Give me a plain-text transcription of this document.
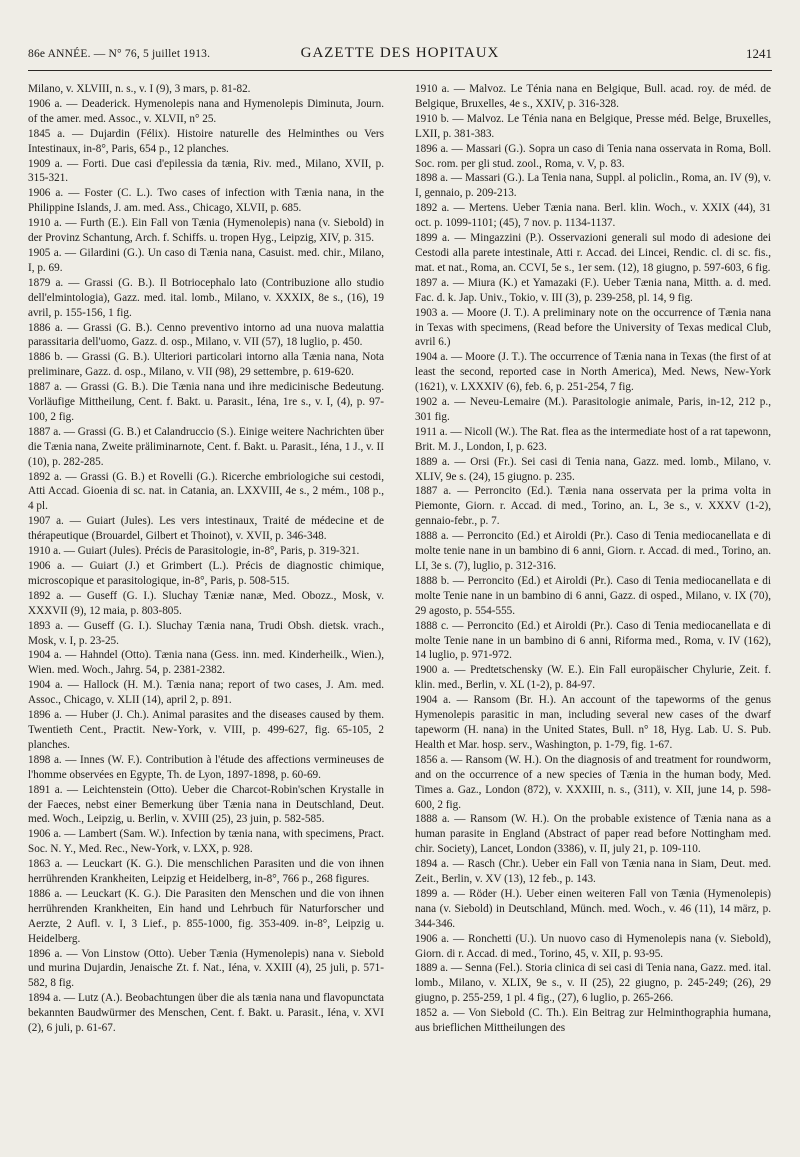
86e ANNÉE. — N° 76, 5 juillet 1913.	GAZETTE DES HOPITAUX	1241

Milano, v. XLVIII, n. s., v. I (9), 3 mars, p. 81-82.

1906 a. — Deaderick. Hymenolepis nana and Hymenolepis Diminuta, Journ. of the amer. med. Assoc., v. XLVII, n° 25.

1845 a. — Dujardin (Félix). Histoire naturelle des Helminthes ou Vers Intestinaux, in-8°, Paris, 654 p., 12 planches.

1909 a. — Forti. Due casi d'epilessia da tænia, Riv. med., Milano, XVII, p. 315-321.

1906 a. — Foster (C. L.). Two cases of infection with Tænia nana, in the Philippine Islands, J. am. med. Ass., Chicago, XLVII, p. 685.

1910 a. — Furth (E.). Ein Fall von Tænia (Hymenolepis) nana (v. Siebold) in der Provinz Schantung, Arch. f. Schiffs. u. tropen Hyg., Leipzig, XIV, p. 315.

1905 a. — Gilardini (G.). Un caso di Tænia nana, Casuist. med. chir., Milano, I, p. 69.

1879 a. — Grassi (G. B.). Il Botriocephalo lato (Contribuzione allo studio dell'elmintologia), Gazz. med. ital. lomb., Milano, v. XXXIX, 8e s., (16), 19 avril, p. 155-156, 1 fig.

1886 a. — Grassi (G. B.). Cenno preventivo intorno ad una nuova malattia parassitaria dell'uomo, Gazz. d. osp., Milano, v. VII (57), 18 luglio, p. 450.

1886 b. — Grassi (G. B.). Ulteriori particolari intorno alla Tænia nana, Nota preliminare, Gazz. d. osp., Milano, v. VII (98), 29 settembre, p. 619-620.

1887 a. — Grassi (G. B.). Die Tænia nana und ihre medicinische Bedeutung. Vorläufige Mittheilung, Cent. f. Bakt. u. Parasit., Iéna, 1re s., v. I, (4), p. 97-100, 2 fig.

1887 a. — Grassi (G. B.) et Calandruccio (S.). Einige weitere Nachrichten über die Tænia nana, Zweite präliminarnote, Cent. f. Bakt. u. Parasit., Iéna, 1 J., v. II (10), p. 282-285.

1892 a. — Grassi (G. B.) et Rovelli (G.). Ricerche embriologiche sui cestodi, Atti Accad. Gioenia di sc. nat. in Catania, an. LXXVIII, 4e s., 2 mém., 108 p., 4 pl.

1907 a. — Guiart (Jules). Les vers intestinaux, Traité de médecine et de thérapeutique (Brouardel, Gilbert et Thoinot), v. XVII, p. 346-348.

1910 a. — Guiart (Jules). Précis de Parasitologie, in-8°, Paris, p. 319-321.

1906 a. — Guiart (J.) et Grimbert (L.). Précis de diagnostic chimique, microscopique et parasitologique, in-8°, Paris, p. 508-515.

1892 a. — Guseff (G. I.). Sluchay Tæniæ nanæ, Med. Obozz., Mosk, v. XXXVII (9), 12 maia, p. 803-805.

1893 a. — Guseff (G. I.). Sluchay Tænia nana, Trudi Obsh. dietsk. vrach., Mosk, v. I, p. 23-25.

1904 a. — Hahndel (Otto). Tænia nana (Gess. inn. med. Kinderheilk., Wien.), Wien. med. Woch., Jahrg. 54, p. 2381-2382.

1904 a. — Hallock (H. M.). Tænia nana; report of two cases, J. Am. med. Assoc., Chicago, v. XLII (14), april 2, p. 891.

1896 a. — Huber (J. Ch.). Animal parasites and the diseases caused by them. Twentieth Cent., Practit. New-York, v. VIII, p. 499-627, fig. 65-105, 2 planches.

1898 a. — Innes (W. F.). Contribution à l'étude des affections vermineuses de l'homme observées en Egypte, Th. de Lyon, 1897-1898, p. 60-69.

1891 a. — Leichtenstein (Otto). Ueber die Charcot-Robin'schen Krystalle in der Faeces, nebst einer Bemerkung über Tænia nana in Deutschland, Deut. med. Woch., Leipzig, u. Berlin, v. XVIII (25), 23 juin, p. 582-585.

1906 a. — Lambert (Sam. W.). Infection by tænia nana, with specimens, Pract. Soc. N. Y., Med. Rec., New-York, v. LXX, p. 928.

1863 a. — Leuckart (K. G.). Die menschlichen Parasiten und die von ihnen herrührenden Krankheiten, Leipzig et Heidelberg, in-8°, 766 p., 268 figures.

1886 a. — Leuckart (K. G.). Die Parasiten den Menschen und die von ihnen herrührenden Krankheiten, Ein hand und Lehrbuch für Naturforscher und Aerzte, 2 Aufl. v. I, 3 Lief., p. 855-1000, fig. 353-409. in-8°, Leipzig u. Heidelberg.

1896 a. — Von Linstow (Otto). Ueber Tænia (Hymenolepis) nana v. Siebold und murina Dujardin, Jenaische Zt. f. Nat., Iéna, v. XXIII (4), 25 juli, p. 571-582, 8 fig.

1894 a. — Lutz (A.). Beobachtungen über die als tænia nana und flavopunctata bekannten Baudwürmer des Menschen, Cent. f. Bakt. u. Parasit., Iéna, v. XVI (2), 6 juli, p. 61-67.

1910 a. — Malvoz. Le Ténia nana en Belgique, Bull. acad. roy. de méd. de Belgique, Bruxelles, 4e s., XXIV, p. 316-328.

1910 b. — Malvoz. Le Ténia nana en Belgique, Presse méd. Belge, Bruxelles, LXII, p. 381-383.

1896 a. — Massari (G.). Sopra un caso di Tenia nana osservata in Roma, Boll. Soc. rom. per gli stud. zool., Roma, v. V, p. 83.

1898 a. — Massari (G.). La Tenia nana, Suppl. al policlin., Roma, an. IV (9), v. I, gennaio, p. 209-213.

1892 a. — Mertens. Ueber Tænia nana. Berl. klin. Woch., v. XXIX (44), 31 oct. p. 1099-1101; (45), 7 nov. p. 1134-1137.

1899 a. — Mingazzini (P.). Osservazioni generali sul modo di adesione dei Cestodi alla parete intestinale, Atti r. Accad. dei Lincei, Rendic. cl. di sc. fis., mat. et nat., Roma, an. CCVI, 5e s., 1er sem. (12), 18 giugno, p. 597-603, 6 fig.

1897 a. — Miura (K.) et Yamazaki (F.). Ueber Tænia nana, Mitth. a. d. med. Fac. d. k. Jap. Univ., Tokio, v. III (3), p. 239-258, pl. 14, 9 fig.

1903 a. — Moore (J. T.). A preliminary note on the occurrence of Tænia nana in Texas with specimens, (Read before the University of Texas medical Club, avril 6.)

1904 a. — Moore (J. T.). The occurrence of Tænia nana in Texas (the first of at least the second, reported case in North America), Med. News, New-York (1621), v. LXXXIV (6), feb. 6, p. 251-254, 7 fig.

1902 a. — Neveu-Lemaire (M.). Parasitologie animale, Paris, in-12, 212 p., 301 fig.

1911 a. — Nicoll (W.). The Rat. flea as the intermediate host of a rat tapewonn, Brit. M. J., London, I, p. 623.

1889 a. — Orsi (Fr.). Sei casi di Tenia nana, Gazz. med. lomb., Milano, v. XLIV, 9e s. (24), 15 giugno. p. 235.

1887 a. — Perroncito (Ed.). Tænia nana osservata per la prima volta in Piemonte, Giorn. r. Accad. di med., Torino, an. L, 3e s., v. XXXV (1-2), gennaio-febr., p. 7.

1888 a. — Perroncito (Ed.) et Airoldi (Pr.). Caso di Tenia mediocanellata e di molte tenie nane in un bambino di 6 anni, Giorn. r. Accad. di med., Torino, an. LI, 3e s. (7), luglio, p. 312-316.

1888 b. — Perroncito (Ed.) et Airoldi (Pr.). Caso di Tenia mediocanellata e di molte Tenie nane in un bambino di 6 anni, Gazz. di osped., Milano, v. IX (70), 29 agosto, p. 554-555.

1888 c. — Perroncito (Ed.) et Airoldi (Pr.). Caso di Tenia mediocanellata e di molte Tenie nane in un bambino di 6 anni, Riforma med., Roma, v. IV (162), 14 luglio, p. 971-972.

1900 a. — Predtetschensky (W. E.). Ein Fall europäischer Chylurie, Zeit. f. klin. med., Berlin, v. XL (1-2), p. 84-97.

1904 a. — Ransom (Br. H.). An account of the tapeworms of the genus Hymenolepis parasitic in man, including several new cases of the dwarf tapeworm (H. nana) in the United States, Bull. n° 18, Hyg. Lab. U. S. Pub. Health et Mar. hosp. serv., Washington, p. 1-79, fig. 1-67.

1856 a. — Ransom (W. H.). On the diagnosis of and treatment for roundworm, and on the occurrence of a new species of Tænia in the human body, Med. Times a. Gaz., London (872), v. XXXIII, n. s., (311), v. XII, june 14, p. 598-600, 2 fig.

1888 a. — Ransom (W. H.). On the probable existence of Tænia nana as a human parasite in England (Abstract of paper read before Nottingham med. chir. Society), Lancet, London (3386), v. II, july 21, p. 109-110.

1894 a. — Rasch (Chr.). Ueber ein Fall von Tænia nana in Siam, Deut. med. Zeit., Berlin, v. XV (13), 12 feb., p. 143.

1899 a. — Röder (H.). Ueber einen weiteren Fall von Tænia (Hymenolepis) nana (v. Siebold) in Deutschland, Münch. med. Woch., v. 46 (11), 14 märz, p. 344-346.

1906 a. — Ronchetti (U.). Un nuovo caso di Hymenolepis nana (v. Siebold), Giorn. di r. Accad. di med., Torino, 45, v. XII, p. 93-95.

1889 a. — Senna (Fel.). Storia clinica di sei casi di Tenia nana, Gazz. med. ital. lomb., Milano, v. XLIX, 9e s., v. II (25), 22 giugno, p. 245-249; (26), 29 giugno, p. 255-259, 1 pl. 4 fig., (27), 6 luglio, p. 265-266.

1852 a. — Von Siebold (C. Th.). Ein Beitrag zur Helminthographia humana, aus brieflichen Mittheilungen des
